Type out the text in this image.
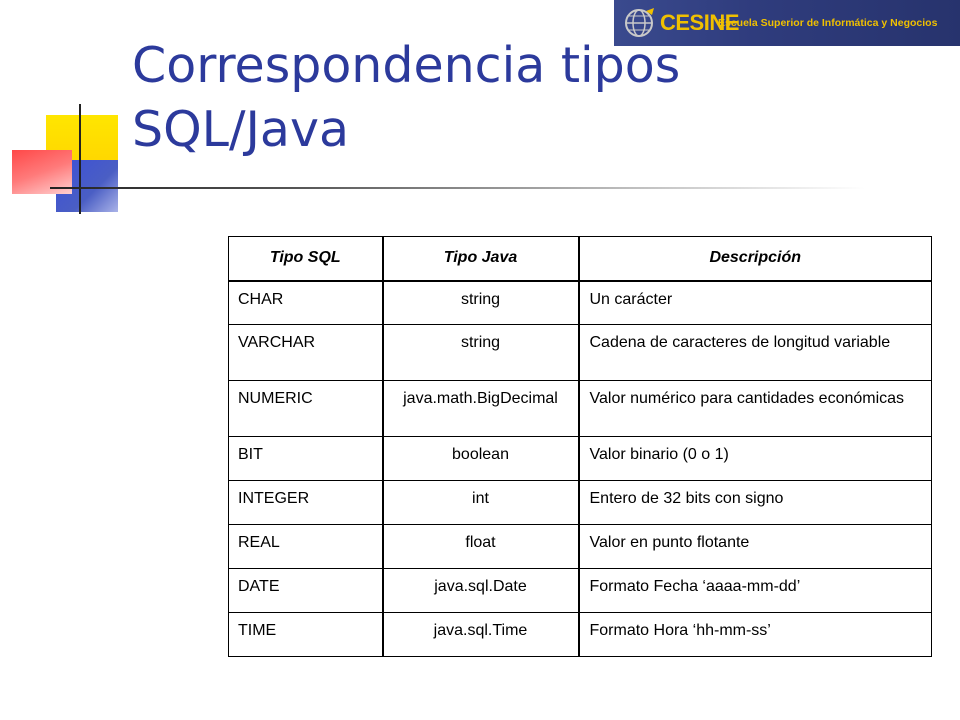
CESINE
Escuela Superior de Informática y Negocios
Correspondencia tipos
SQL/Java
Tipo SQL	Tipo Java	Descripción
CHAR	string	Un carácter
VARCHAR	string	Cadena de caracteres de longitud variable
NUMERIC	java.math.BigDecimal	Valor numérico para cantidades económicas
BIT	boolean	Valor binario (0 o 1)
INTEGER	int	Entero de 32 bits con signo
REAL	float	Valor en punto flotante
DATE	java.sql.Date	Formato Fecha ‘aaaa-mm-dd’
TIME	java.sql.Time	Formato Hora ‘hh-mm-ss’
